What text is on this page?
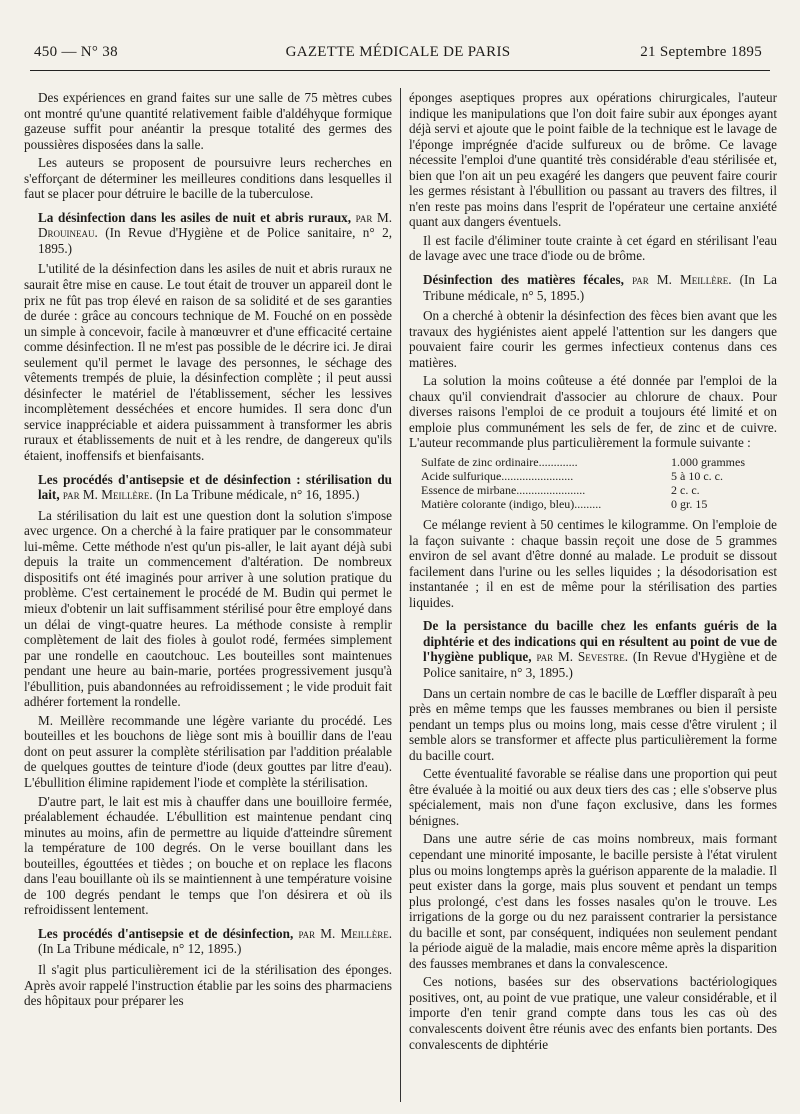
450 — N° 38	GAZETTE MÉDICALE DE PARIS	21 Septembre 1895

Des expériences en grand faites sur une salle de 75 mètres cubes ont montré qu'une quantité relativement faible d'aldéhyque formique gazeuse suffit pour anéantir la presque totalité des germes des poussières disposées dans la salle.

Les auteurs se proposent de poursuivre leurs recherches en s'efforçant de déterminer les meilleures conditions dans lesquelles il faut se placer pour détruire le bacille de la tuberculose.

La désinfection dans les asiles de nuit et abris ruraux, par M. Drouineau. (In Revue d'Hygiène et de Police sanitaire, n° 2, 1895.)

L'utilité de la désinfection dans les asiles de nuit et abris ruraux ne saurait être mise en cause. Le tout était de trouver un appareil dont le prix ne fût pas trop élevé en raison de sa solidité et de ses garanties de durée : grâce au concours technique de M. Fouché on en possède un simple à concevoir, facile à manœuvrer et d'une efficacité certaine comme désinfection. Il ne m'est pas possible de le décrire ici. Je dirai seulement qu'il permet le lavage des personnes, le séchage des vêtements trempés de pluie, la désinfection complète ; il peut aussi désinfecter le matériel de l'établissement, sécher les lessives incomplètement desséchées et encore humides. Il sera donc d'un service inappréciable et aidera puissamment à transformer les abris ruraux et établissements de nuit et à les rendre, de dangereux qu'ils étaient, inoffensifs et bienfaisants.

Les procédés d'antisepsie et de désinfection : stérilisation du lait, par M. Meillère. (In La Tribune médicale, n° 16, 1895.)

La stérilisation du lait est une question dont la solution s'impose avec urgence. On a cherché à la faire pratiquer par le consommateur lui-même. Cette méthode n'est qu'un pis-aller, le lait ayant déjà subi depuis la traite un commencement d'altération. De nombreux dispositifs ont été imaginés pour arriver à une solution pratique du problème. C'est certainement le procédé de M. Budin qui permet le mieux d'obtenir un lait suffisamment stérilisé pour être employé dans un délai de vingt-quatre heures. La méthode consiste à remplir complètement de lait des fioles à goulot rodé, fermées simplement par une rondelle en caoutchouc. Les bouteilles sont maintenues pendant une heure au bain-marie, portées progressivement jusqu'à l'ébullition, puis abandonnées au refroidissement ; le vide produit fait adhérer fortement la rondelle.

M. Meillère recommande une légère variante du procédé. Les bouteilles et les bouchons de liège sont mis à bouillir dans de l'eau dont on peut assurer la complète stérilisation par l'addition préalable de quelques gouttes de teinture d'iode (deux gouttes par litre d'eau). L'ébullition élimine rapidement l'iode et complète la stérilisation.

D'autre part, le lait est mis à chauffer dans une bouilloire fermée, préalablement échaudée. L'ébullition est maintenue pendant cinq minutes au moins, afin de permettre au liquide d'atteindre sûrement la température de 100 degrés. On le verse bouillant dans les bouteilles, égouttées et tièdes ; on bouche et on replace les flacons dans l'eau bouillante où ils se maintiennent à une température voisine de 100 degrés pendant le temps que l'on désirera et où ils refroidissent lentement.

Les procédés d'antisepsie et de désinfection, par M. Meillère. (In La Tribune médicale, n° 12, 1895.)

Il s'agit plus particulièrement ici de la stérilisation des éponges. Après avoir rappelé l'instruction établie par les soins des pharmaciens des hôpitaux pour préparer les

éponges aseptiques propres aux opérations chirurgicales, l'auteur indique les manipulations que l'on doit faire subir aux éponges ayant déjà servi et ajoute que le point faible de la technique est le lavage de l'éponge imprégnée d'acide sulfureux ou de brôme. Ce lavage nécessite l'emploi d'une quantité très considérable d'eau stérilisée et, bien que l'on ait un peu exagéré les dangers que peuvent faire courir les germes résistant à l'ébullition ou passant au travers des filtres, il n'en reste pas moins dans l'esprit de l'opérateur une certaine anxiété quant aux dangers éventuels.

Il est facile d'éliminer toute crainte à cet égard en stérilisant l'eau de lavage avec une trace d'iode ou de brôme.

Désinfection des matières fécales, par M. Meillère. (In La Tribune médicale, n° 5, 1895.)

On a cherché à obtenir la désinfection des fèces bien avant que les travaux des hygiénistes aient appelé l'attention sur les dangers que pouvaient faire courir les germes infectieux contenus dans ces matières.

La solution la moins coûteuse a été donnée par l'emploi de la chaux qu'il conviendrait d'associer au chlorure de chaux. Pour diverses raisons l'emploi de ce produit a toujours été limité et on emploie plus communément les sels de fer, de zinc et de cuivre. L'auteur recommande plus particulièrement la formule suivante :

Sulfate de zinc ordinaire.............	1.000 grammes
Acide sulfurique........................	5 à 10 c. c.
Essence de mirbane.......................	2 c. c.
Matière colorante (indigo, bleu).........	0 gr. 15

Ce mélange revient à 50 centimes le kilogramme. On l'emploie de la façon suivante : chaque bassin reçoit une dose de 5 grammes environ de sel avant d'être donné au malade. Le produit se dissout facilement dans l'urine ou les selles liquides ; la désodorisation est instantanée ; il en est de même pour la stérilisation des parties liquides.

De la persistance du bacille chez les enfants guéris de la diphtérie et des indications qui en résultent au point de vue de l'hygiène publique, par M. Sevestre. (In Revue d'Hygiène et de Police sanitaire, n° 3, 1895.)

Dans un certain nombre de cas le bacille de Lœffler disparaît à peu près en même temps que les fausses membranes ou bien il persiste pendant un temps plus ou moins long, mais cesse d'être virulent ; il semble alors se transformer et affecte plus particulièrement la forme du bacille court.

Cette éventualité favorable se réalise dans une proportion qui peut être évaluée à la moitié ou aux deux tiers des cas ; elle s'observe plus spécialement, mais non d'une façon exclusive, dans les formes bénignes.

Dans une autre série de cas moins nombreux, mais formant cependant une minorité imposante, le bacille persiste à l'état virulent plus ou moins longtemps après la guérison apparente de la maladie. Il peut exister dans la gorge, mais plus souvent et pendant un temps plus prolongé, c'est dans les fosses nasales qu'on le trouve. Les irrigations de la gorge ou du nez paraissent contrarier la persistance du bacille et sont, par conséquent, indiquées non seulement pendant la période aiguë de la maladie, mais encore même après la disparition des fausses membranes et dans la convalescence.

Ces notions, basées sur des observations bactériologiques positives, ont, au point de vue pratique, une valeur considérable, et il importe d'en tenir grand compte dans tous les cas où des convalescents doivent être réunis avec des enfants bien portants. Des convalescents de diphtérie
